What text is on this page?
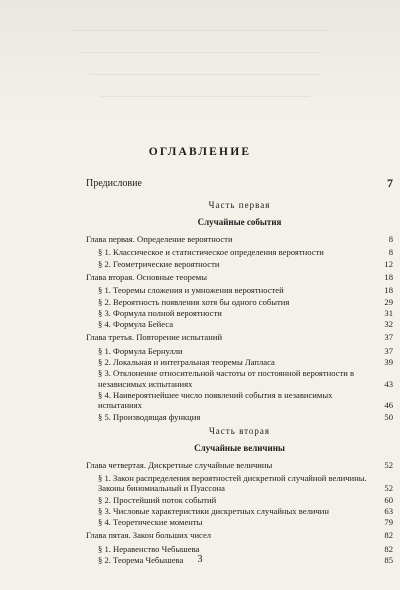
ОГЛАВЛЕНИЕ
Предисловие	7
Часть первая
Случайные события
Глава первая. Определение вероятности	8
§ 1. Классическое и статистическое определения вероятности	8
§ 2. Геометрические вероятности	12
Глава вторая. Основные теоремы	18
§ 1. Теоремы сложения и умножения вероятностей	18
§ 2. Вероятность появления хотя бы одного события	29
§ 3. Формула полной вероятности	31
§ 4. Формула Бейеса	32
Глава третья. Повторение испытаний	37
§ 1. Формула Бернулли	37
§ 2. Локальная и интегральная теоремы Лапласа	39
§ 3. Отклонение относительной частоты от постоянной вероятности в независимых испытаниях	43
§ 4. Наивероятнейшее число появлений события в независимых испытаниях	46
§ 5. Производящая функция	50
Часть вторая
Случайные величины
Глава четвертая. Дискретные случайные величины	52
§ 1. Закон распределения вероятностей дискретной случайной величины. Законы биномиальный и Пуассона	52
§ 2. Простейший поток событий	60
§ 3. Числовые характеристики дискретных случайных величин	63
§ 4. Теоретические моменты	79
Глава пятая. Закон больших чисел	82
§ 1. Неравенство Чебышева	82
§ 2. Теорема Чебышева	85
3
